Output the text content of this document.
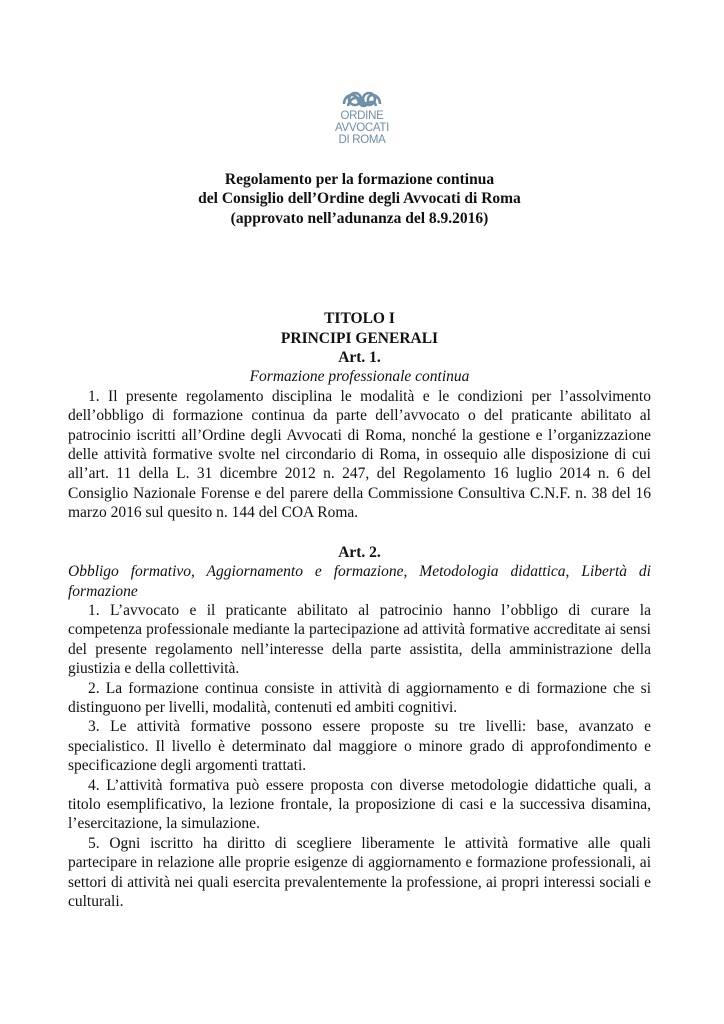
ORDINE
AVVOCATI
DI ROMA
Regolamento per la formazione continua
del Consiglio dell’Ordine degli Avvocati di Roma
(approvato nell’adunanza del 8.9.2016)
TITOLO I
PRINCIPI GENERALI
Art. 1.
Formazione professionale continua
1. Il presente regolamento disciplina le modalità e le condizioni per l’assolvimento dell’obbligo di formazione continua da parte dell’avvocato o del praticante abilitato al patrocinio iscritti all’Ordine degli Avvocati di Roma, nonché la gestione e l’organizzazione delle attività formative svolte nel circondario di Roma, in ossequio alle disposizione di cui all’art. 11 della L. 31 dicembre 2012 n. 247, del Regolamento 16 luglio 2014 n. 6 del Consiglio Nazionale Forense e del parere della Commissione Consultiva C.N.F. n. 38 del 16 marzo 2016 sul quesito n. 144 del COA Roma.
Art. 2.
Obbligo formativo, Aggiornamento e formazione, Metodologia didattica, Libertà di formazione
1. L’avvocato e il praticante abilitato al patrocinio hanno l’obbligo di curare la competenza professionale mediante la partecipazione ad attività formative accreditate ai sensi del presente regolamento nell’interesse della parte assistita, della amministrazione della giustizia e della collettività.
2. La formazione continua consiste in attività di aggiornamento e di formazione che si distinguono per livelli, modalità, contenuti ed ambiti cognitivi.
3. Le attività formative possono essere proposte su tre livelli: base, avanzato e specialistico. Il livello è determinato dal maggiore o minore grado di approfondimento e specificazione degli argomenti trattati.
4. L’attività formativa può essere proposta con diverse metodologie didattiche quali, a titolo esemplificativo, la lezione frontale, la proposizione di casi e la successiva disamina, l’esercitazione, la simulazione.
5. Ogni iscritto ha diritto di scegliere liberamente le attività formative alle quali partecipare in relazione alle proprie esigenze di aggiornamento e formazione professionali, ai settori di attività nei quali esercita prevalentemente la professione, ai propri interessi sociali e culturali.
